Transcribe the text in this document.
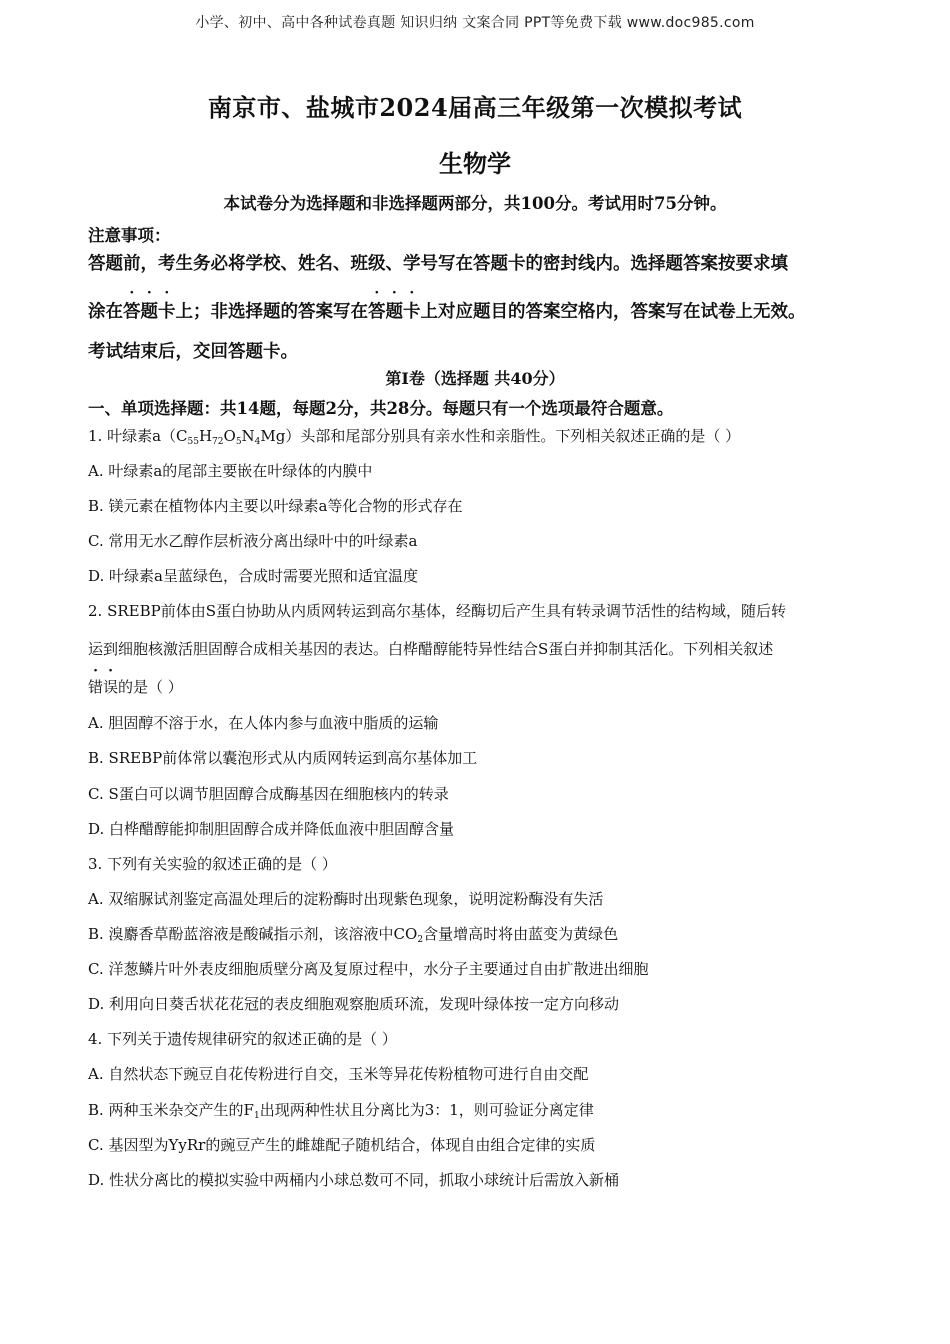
小学、初中、高中各种试卷真题 知识归纳 文案合同 PPT等免费下载 www.doc985.com
南京市、盐城市2024届高三年级第一次模拟考试
生物学
本试卷分为选择题和非选择题两部分，共100分。考试用时75分钟。
注意事项：
答题前，考生务必将学校、姓名、班级、学号写在答题卡的密封线内。选择题答案按要求填
涂在答题卡上；非选择题的答案写在答题卡上对应题目的答案空格内，答案写在试卷上无效。
考试结束后，交回答题卡。
第I卷（选择题 共40分）
一、单项选择题：共14题，每题2分，共28分。每题只有一个选项最符合题意。
1. 叶绿素$a(C_{55}H_{72}O_5N_4Mg)$头部和尾部分别具有亲水性和亲脂性。下列相关叙述正确的是（ ）
A. 叶绿素a的尾部主要嵌在叶绿体的内膜中
B. 镁元素在植物体内主要以叶绿素a等化合物的形式存在
C. 常用无水乙醇作层析液分离出绿叶中的叶绿素a
D. 叶绿素a呈蓝绿色，合成时需要光照和适宜温度
2. SREBP前体由S蛋白协助从内质网转运到高尔基体，经酶切后产生具有转录调节活性的结构域，随后转
运到细胞核激活胆固醇合成相关基因的表达。白桦醋醇能特异性结合S蛋白并抑制其活化。下列相关叙述
错误的是（ ）
A. 胆固醇不溶于水，在人体内参与血液中脂质的运输
B. SREBP前体常以囊泡形式从内质网转运到高尔基体加工
C. S蛋白可以调节胆固醇合成酶基因在细胞核内的转录
D. 白桦醋醇能抑制胆固醇合成并降低血液中胆固醇含量
3. 下列有关实验的叙述正确的是（ ）
A. 双缩脲试剂鉴定高温处理后的淀粉酶时出现紫色现象，说明淀粉酶没有失活
B. 溴麝香草酚蓝溶液是酸碱指示剂，该溶液中$CO_2$含量增高时将由蓝变为黄绿色
C. 洋葱鳞片叶外表皮细胞质壁分离及复原过程中，水分子主要通过自由扩散进出细胞
D. 利用向日葵舌状花花冠的表皮细胞观察胞质环流，发现叶绿体按一定方向移动
4. 下列关于遗传规律研究的叙述正确的是（ ）
A. 自然状态下豌豆自花传粉进行自交，玉米等异花传粉植物可进行自由交配
B. 两种玉米杂交产生的$F_1$出现两种性状且分离比为3：1，则可验证分离定律
C. 基因型为YyRr的豌豆产生的雌雄配子随机结合，体现自由组合定律的实质
D. 性状分离比的模拟实验中两桶内小球总数可不同，抓取小球统计后需放入新桶
